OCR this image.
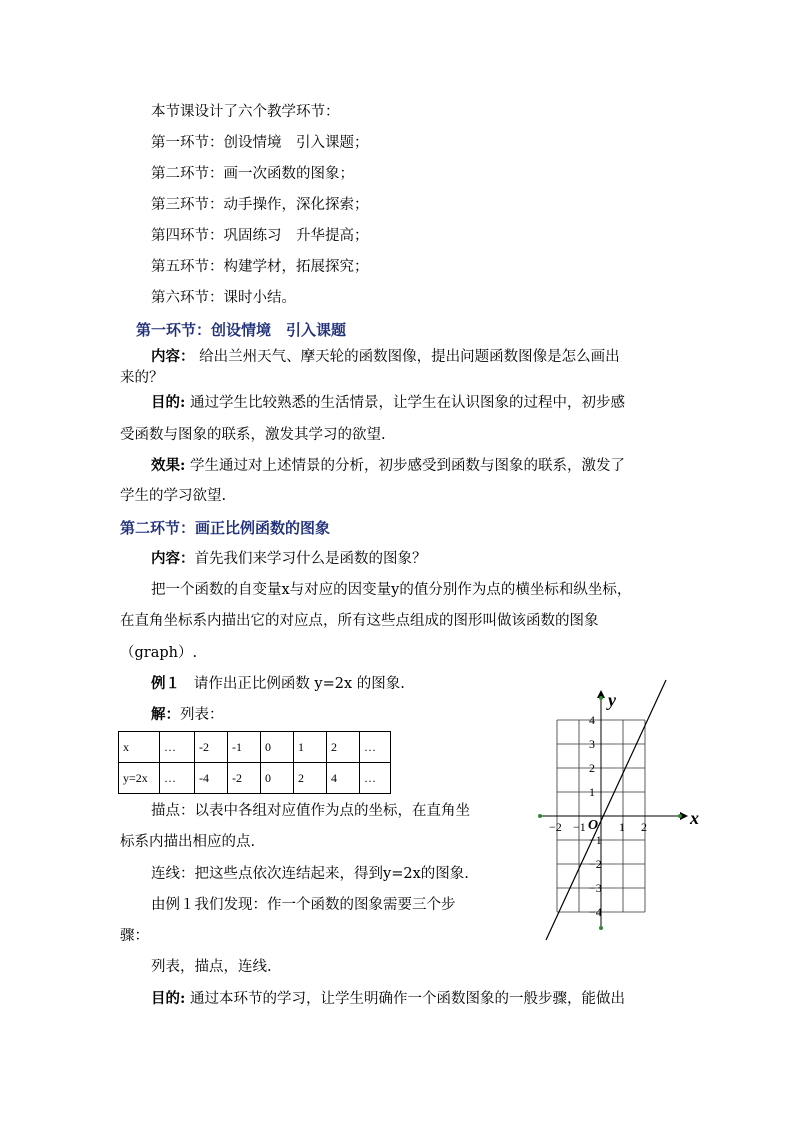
本节课设计了六个教学环节：
第一环节：创设情境　引入课题；
第二环节：画一次函数的图象；
第三环节：动手操作，深化探索；
第四环节：巩固练习　升华提高；
第五环节：构建学材，拓展探究；
第六环节：课时小结。
第一环节：创设情境　引入课题
内容： 给出兰州天气、摩天轮的函数图像，提出问题函数图像是怎么画出
来的？
目的: 通过学生比较熟悉的生活情景，让学生在认识图象的过程中，初步感
受函数与图象的联系，激发其学习的欲望.
效果: 学生通过对上述情景的分析，初步感受到函数与图象的联系，激发了
学生的学习欲望.
第二环节：画正比例函数的图象
内容：首先我们来学习什么是函数的图象？
把一个函数的自变量x与对应的因变量y的值分别作为点的横坐标和纵坐标，
在直角坐标系内描出它的对应点，所有这些点组成的图形叫做该函数的图象
（graph）.
例１ 请作出正比例函数 y=2x 的图象.
解：列表：
x	…	-2	-1	0	1	2	…
y=2x	…	-4	-2	0	2	4	…
描点：以表中各组对应值作为点的坐标，在直角坐
标系内描出相应的点.
连线：把这些点依次连结起来，得到y=2x的图象.
由例１我们发现：作一个函数的图象需要三个步
骤：
列表，描点，连线.
目的: 通过本环节的学习，让学生明确作一个函数图象的一般步骤，能做出
x
y
O
−2 −1	1 2
4
3
2
1
−1
−2
−3
−4
